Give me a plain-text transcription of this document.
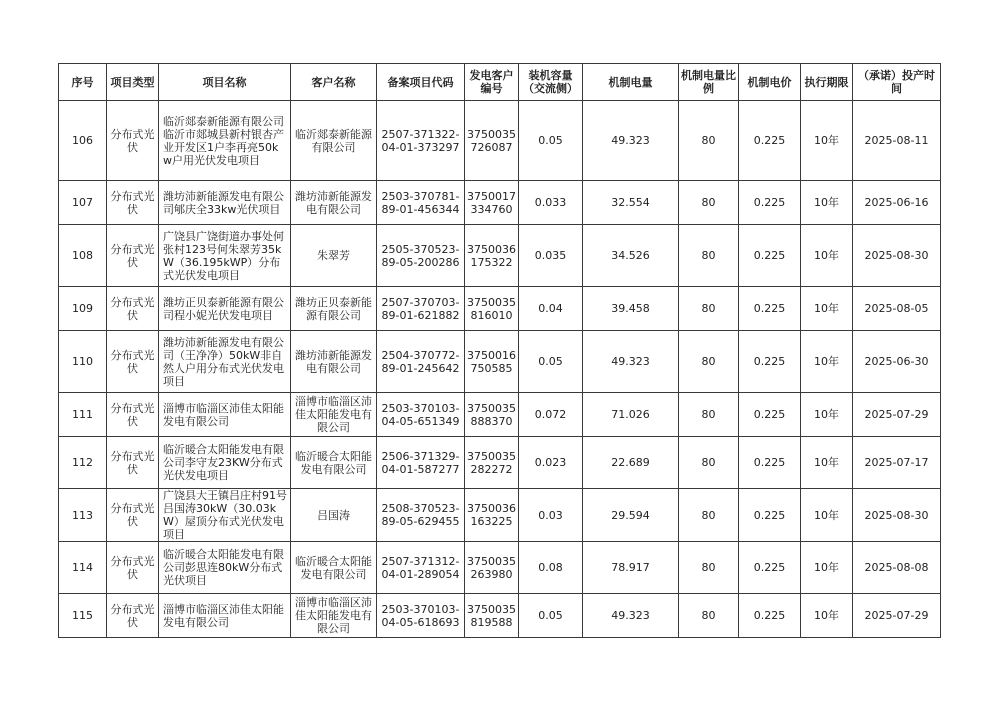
序号	项目类型	项目名称	客户名称	备案项目代码	发电客户编号	装机容量（交流侧）	机制电量	机制电量比例	机制电价	执行期限	（承诺）投产时间

106	分布式光伏	临沂郯泰新能源有限公司临沂市郯城县新村银杏产业开发区1户李再亮50kw户用光伏发电项目	临沂郯泰新能源有限公司	2507-371322-04-01-373297	3750035726087	0.05	49.323	80	0.225	10年	2025-08-11

107	分布式光伏	潍坊沛新能源发电有限公司郇庆全33kw光伏项目	潍坊沛新能源发电有限公司	2503-370781-89-01-456344	3750017334760	0.033	32.554	80	0.225	10年	2025-06-16

108	分布式光伏	广饶县广饶街道办事处何张村123号何朱翠芳35kW（36.195kWP）分布式光伏发电项目	朱翠芳	2505-370523-89-05-200286	3750036175322	0.035	34.526	80	0.225	10年	2025-08-30

109	分布式光伏	潍坊正贝泰新能源有限公司程小妮光伏发电项目	潍坊正贝泰新能源有限公司	2507-370703-89-01-621882	3750035816010	0.04	39.458	80	0.225	10年	2025-08-05

110	分布式光伏	潍坊沛新能源发电有限公司（王净净）50kW非自然人户用分布式光伏发电项目	潍坊沛新能源发电有限公司	2504-370772-89-01-245642	3750016750585	0.05	49.323	80	0.225	10年	2025-06-30

111	分布式光伏	淄博市临淄区沛佳太阳能发电有限公司	淄博市临淄区沛佳太阳能发电有限公司	2503-370103-04-05-651349	3750035888370	0.072	71.026	80	0.225	10年	2025-07-29

112	分布式光伏	临沂暖合太阳能发电有限公司李守友23KW分布式光伏发电项目	临沂暖合太阳能发电有限公司	2506-371329-04-01-587277	3750035282272	0.023	22.689	80	0.225	10年	2025-07-17

113	分布式光伏	广饶县大王镇吕庄村91号吕国涛30kW（30.03kW）屋顶分布式光伏发电项目	吕国涛	2508-370523-89-05-629455	3750036163225	0.03	29.594	80	0.225	10年	2025-08-30

114	分布式光伏	临沂暖合太阳能发电有限公司彭思连80kW分布式光伏项目	临沂暖合太阳能发电有限公司	2507-371312-04-01-289054	3750035263980	0.08	78.917	80	0.225	10年	2025-08-08

115	分布式光伏	淄博市临淄区沛佳太阳能发电有限公司	淄博市临淄区沛佳太阳能发电有限公司	2503-370103-04-05-618693	3750035819588	0.05	49.323	80	0.225	10年	2025-07-29
